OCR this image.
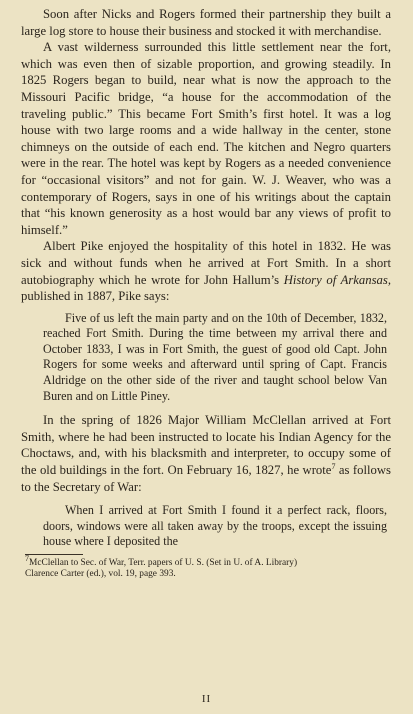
Soon after Nicks and Rogers formed their partnership they built a large log store to house their business and stocked it with merchandise.

A vast wilderness surrounded this little settlement near the fort, which was even then of sizable proportion, and growing steadily. In 1825 Rogers began to build, near what is now the approach to the Missouri Pacific bridge, “a house for the accommodation of the traveling public.” This became Fort Smith’s first hotel. It was a log house with two large rooms and a wide hallway in the center, stone chimneys on the outside of each end. The kitchen and Negro quarters were in the rear. The hotel was kept by Rogers as a needed convenience for “occasional visitors” and not for gain. W. J. Weaver, who was a contemporary of Rogers, says in one of his writings about the captain that “his known generosity as a host would bar any views of profit to himself.”

Albert Pike enjoyed the hospitality of this hotel in 1832. He was sick and without funds when he arrived at Fort Smith. In a short autobiography which he wrote for John Hallum’s History of Arkansas, published in 1887, Pike says:

Five of us left the main party and on the 10th of December, 1832, reached Fort Smith. During the time between my arrival there and October 1833, I was in Fort Smith, the guest of good old Capt. John Rogers for some weeks and afterward until spring of Capt. Francis Aldridge on the other side of the river and taught school below Van Buren and on Little Piney.

In the spring of 1826 Major William McClellan arrived at Fort Smith, where he had been instructed to locate his Indian Agency for the Choctaws, and, with his blacksmith and interpreter, to occupy some of the old buildings in the fort. On February 16, 1827, he wrote$^7$ as follows to the Secretary of War:

When I arrived at Fort Smith I found it a perfect rack, floors, doors, windows were all taken away by the troops, except the issuing house where I deposited the

$^7$McClellan to Sec. of War, Terr. papers of U. S. (Set in U. of A. Library)
Clarence Carter (ed.), vol. 19, page 393.

II
